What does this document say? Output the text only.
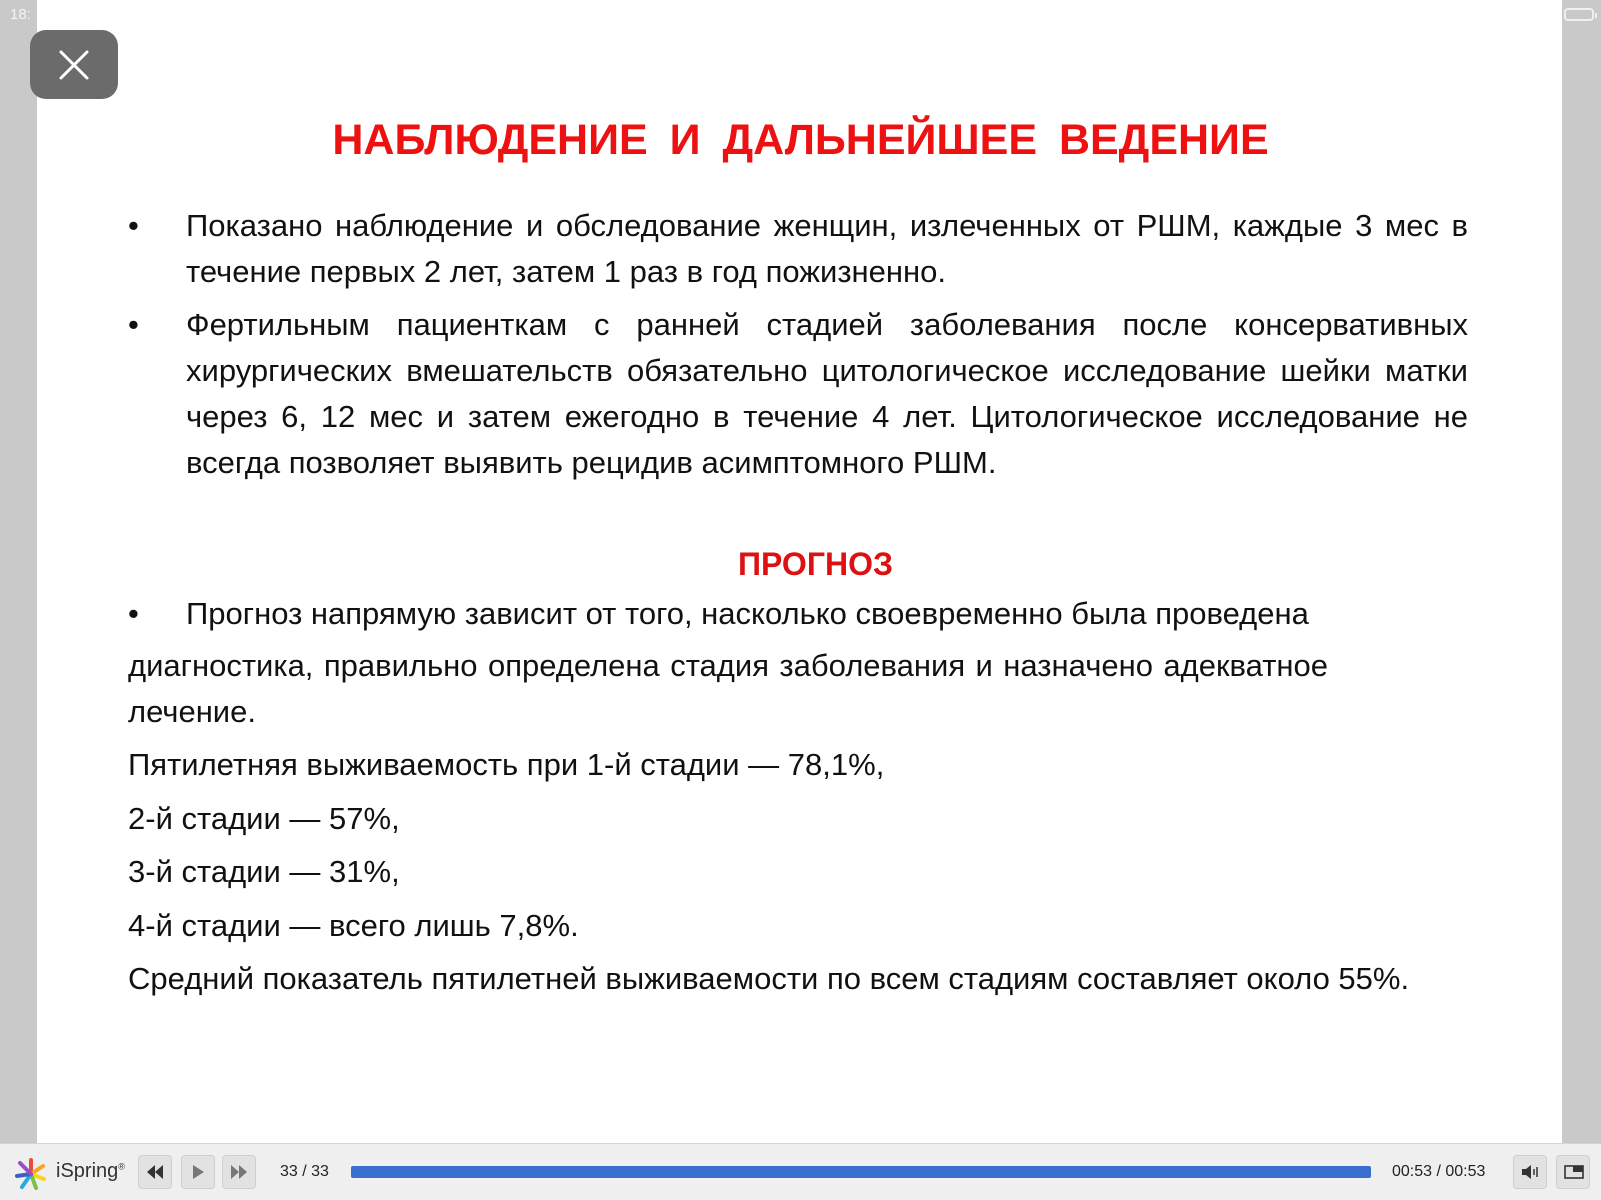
18:
НАБЛЮДЕНИЕ И ДАЛЬНЕЙШЕЕ ВЕДЕНИЕ
• Показано наблюдение и обследование женщин, излеченных от РШМ, каждые 3 мес в течение первых 2 лет, затем 1 раз в год пожизненно.
• Фертильным пациенткам с ранней стадией заболевания после консервативных хирургических вмешательств обязательно цитологическое исследование шейки матки через 6, 12 мес и затем ежегодно в течение 4 лет. Цитологическое исследование не всегда позволяет выявить рецидив асимптомного РШМ.
ПРОГНОЗ
• Прогноз напрямую зависит от того, насколько своевременно была проведена
диагностика, правильно определена стадия заболевания и назначено адекватное лечение.
Пятилетняя выживаемость при 1-й стадии — 78,1%,
2-й стадии — 57%,
3-й стадии — 31%,
4-й стадии — всего лишь 7,8%.
Средний показатель пятилетней выживаемости по всем стадиям составляет около 55%.
iSpring®	33 / 33	00:53 / 00:53
